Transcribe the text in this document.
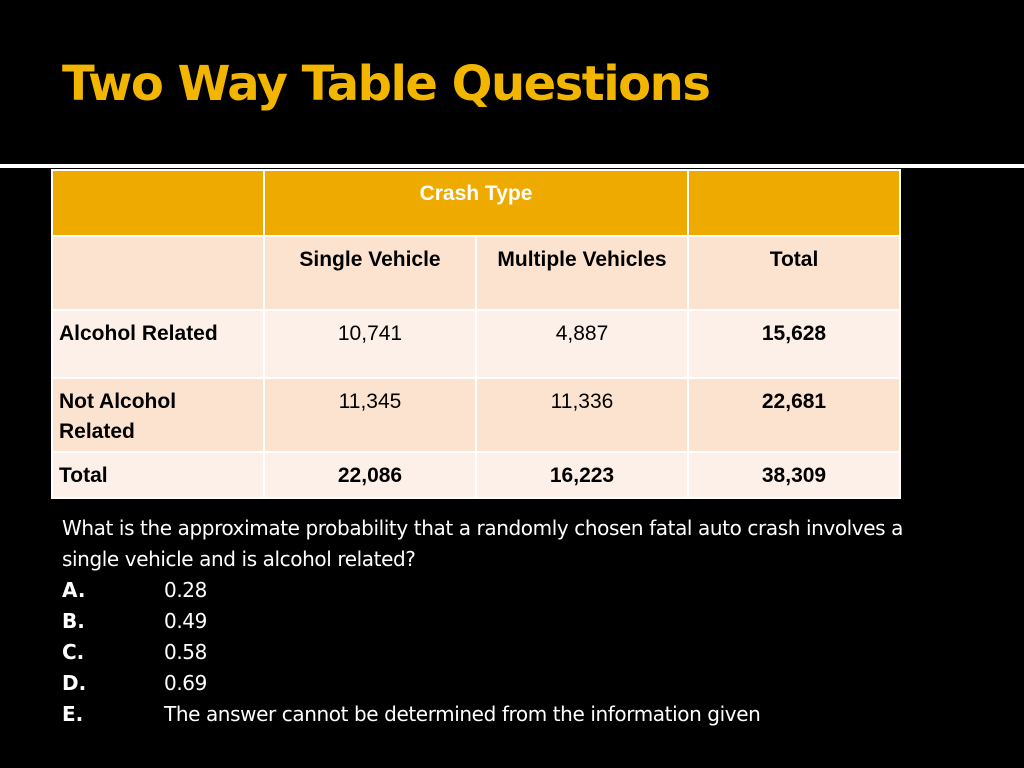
Two Way Table Questions
	Crash Type		
	Single Vehicle	Multiple Vehicles	Total
Alcohol Related	10,741	4,887	15,628
Not Alcohol Related	11,345	11,336	22,681
Total	22,086	16,223	38,309

What is the approximate probability that a randomly chosen fatal auto crash involves a single vehicle and is alcohol related?

A.	0.28
B.	0.49
C.	0.58
D.	0.69
E.	The answer cannot be determined from the information given
